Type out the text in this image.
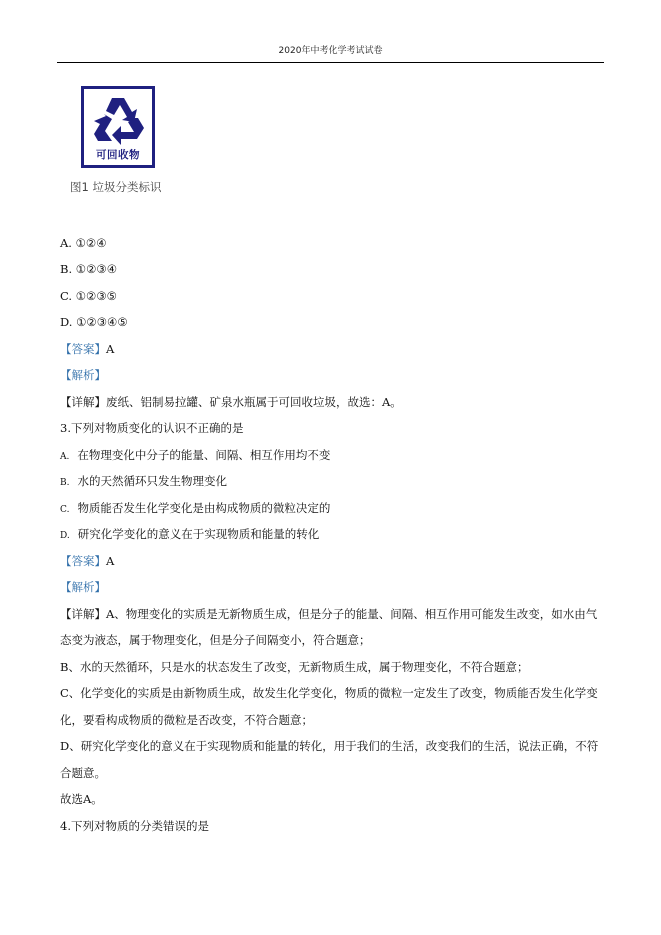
2020年中考化学考试试卷
可回收物
图1 垃圾分类标识
A. ①②④
B. ①②③④
C. ①②③⑤
D. ①②③④⑤
【答案】A
【解析】
【详解】废纸、铝制易拉罐、矿泉水瓶属于可回收垃圾，故选：A。
3.下列对物质变化的认识不正确的是
A. 在物理变化中分子的能量、间隔、相互作用均不变
B. 水的天然循环只发生物理变化
C. 物质能否发生化学变化是由构成物质的微粒决定的
D. 研究化学变化的意义在于实现物质和能量的转化
【答案】A
【解析】
【详解】A、物理变化的实质是无新物质生成，但是分子的能量、间隔、相互作用可能发生改变，如水由气
态变为液态，属于物理变化，但是分子间隔变小，符合题意；
B、水的天然循环，只是水的状态发生了改变，无新物质生成，属于物理变化，不符合题意；
C、化学变化的实质是由新物质生成，故发生化学变化，物质的微粒一定发生了改变，物质能否发生化学变
化，要看构成物质的微粒是否改变，不符合题意；
D、研究化学变化的意义在于实现物质和能量的转化，用于我们的生活，改变我们的生活，说法正确，不符
合题意。
故选A。
4.下列对物质的分类错误的是
